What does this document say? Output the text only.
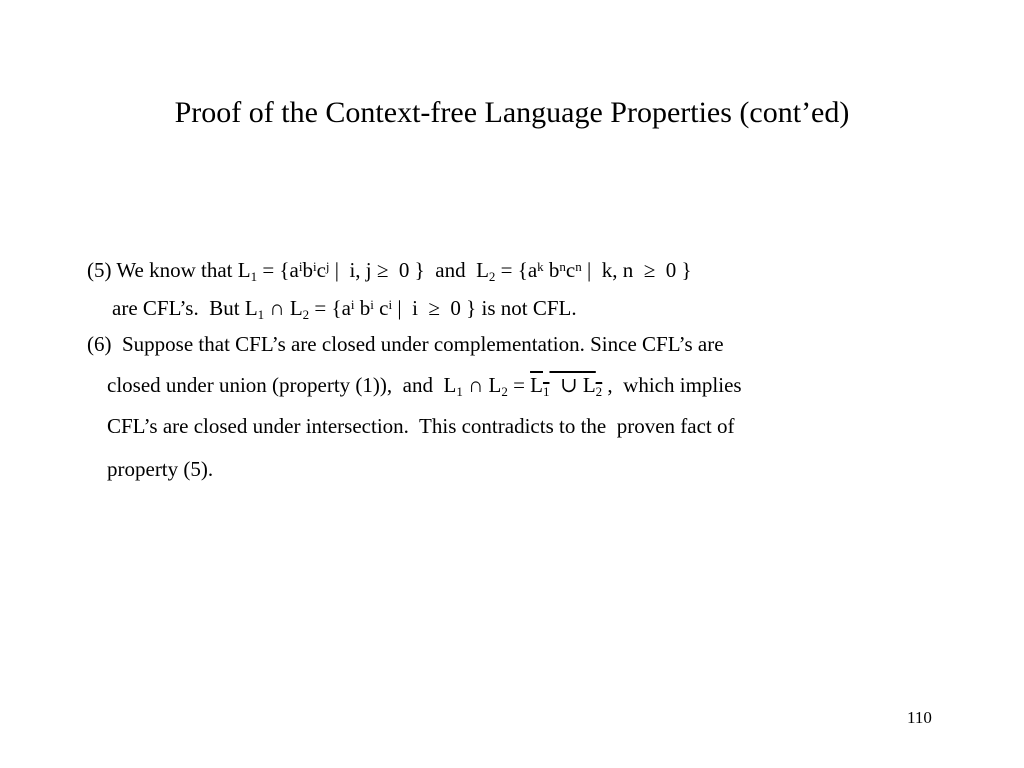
Proof of the Context-free Language Properties (cont’ed)
(5) We know that $L_1 = \{a^ib^ic^j$ |  i, j ≥  0 }  and  $L_2 = \{a^k$ $b^nc^n$ |  k, n  ≥  0 }
are CFL’s.  But $L_1$ ∩ $L_2 = \{a^i$ $b^i$ $c^i$ |  i  ≥  0 } is not CFL.
(6)  Suppose that CFL’s are closed under complementation. Since CFL’s are
closed under union (property (1)),  and  $L_1$ ∩ $L_2 = L_1$  ∪ $L_2$ ,  which implies
CFL’s are closed under intersection.  This contradicts to the  proven fact of
property (5).
110
